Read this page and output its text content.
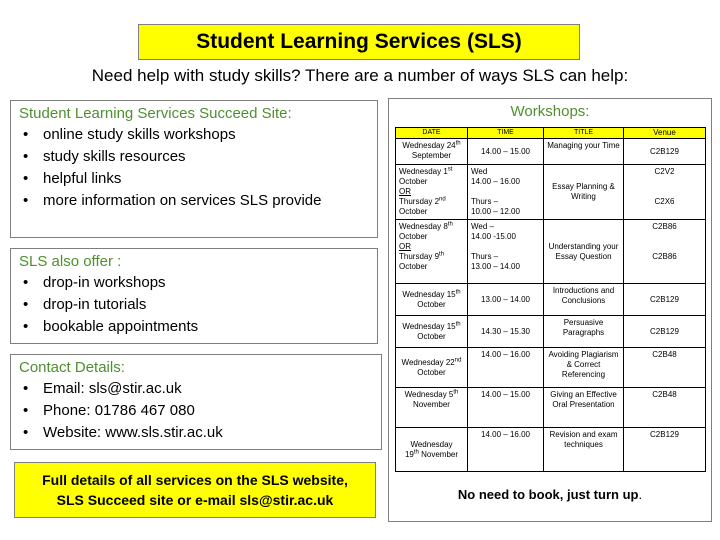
Student Learning Services (SLS)
Need help with study skills? There are a number of ways SLS can help:
Student Learning Services Succeed Site:
• online study skills workshops
• study skills resources
• helpful links
• more information on services SLS provide
SLS also offer :
• drop-in workshops
• drop-in tutorials
• bookable appointments
Contact Details:
• Email: sls@stir.ac.uk
• Phone: 01786 467 080
• Website: www.sls.stir.ac.uk
Full details of all services on the SLS website,
SLS Succeed site or e-mail sls@stir.ac.uk
Workshops:
DATE	TIME	TITLE	Venue
Wednesday 24th
September	14.00 – 15.00	Managing your Time	C2B129
Wednesday 1st
October
OR
Thursday 2nd
October	Wed
14.00 – 16.00

Thurs –
10.00 – 12.00	Essay Planning & Writing	C2V2

C2X6
Wednesday 8th
October
OR
Thursday 9th
October	Wed –
14.00 -15.00

Thurs –
13.00 – 14.00	Understanding your Essay Question	C2B86

C2B86
Wednesday 15th
October	13.00 – 14.00	Introductions and Conclusions	C2B129
Wednesday 15th
October	14.30 – 15.30	Persuasive Paragraphs	C2B129
Wednesday 22nd
October	14.00 – 16.00	Avoiding Plagiarism & Correct Referencing	C2B48
Wednesday 5th
November	14.00 – 15.00	Giving an Effective Oral Presentation	C2B48
Wednesday
19th November	14.00 – 16.00	Revision and exam techniques	C2B129
No need to book, just turn up.
